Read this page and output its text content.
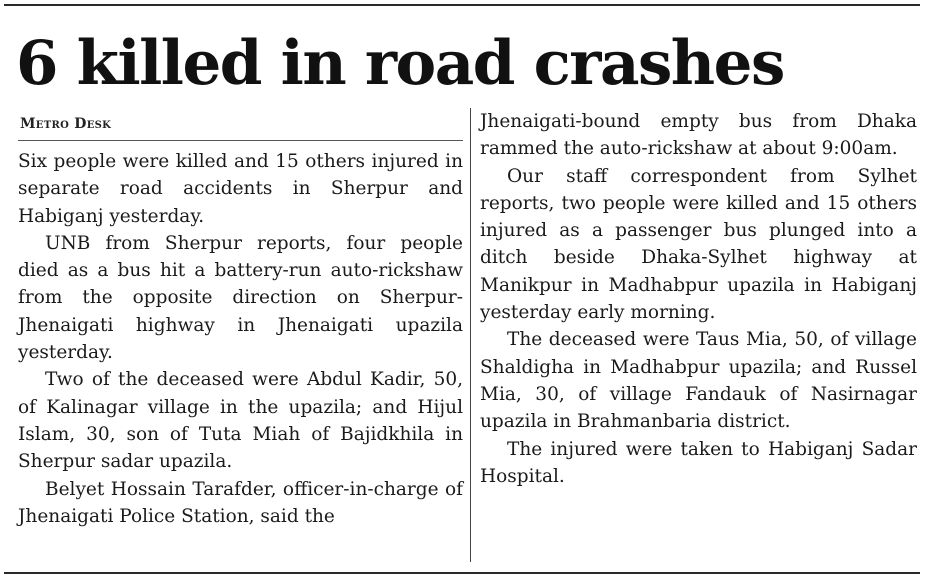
6 killed in road crashes
Metro Desk

Six people were killed and 15 others injured in separate road accidents in Sherpur and Habiganj yesterday.

UNB from Sherpur reports, four people died as a bus hit a battery-run auto-rickshaw from the opposite direction on Sherpur-Jhenaigati highway in Jhenaigati upazila yesterday.

Two of the deceased were Abdul Kadir, 50, of Kalinagar village in the upazila; and Hijul Islam, 30, son of Tuta Miah of Bajidkhila in Sherpur sadar upazila.

Belyet Hossain Tarafder, officer-in-charge of Jhenaigati Police Station, said the

Jhenaigati-bound empty bus from Dhaka rammed the auto-rickshaw at about 9:00am.

Our staff correspondent from Sylhet reports, two people were killed and 15 others injured as a passenger bus plunged into a ditch beside Dhaka-Sylhet highway at Manikpur in Madhabpur upazila in Habiganj yesterday early morning.

The deceased were Taus Mia, 50, of village Shaldigha in Madhabpur upazila; and Russel Mia, 30, of village Fandauk of Nasirnagar upazila in Brahmanbaria district.

The injured were taken to Habiganj Sadar Hospital.
